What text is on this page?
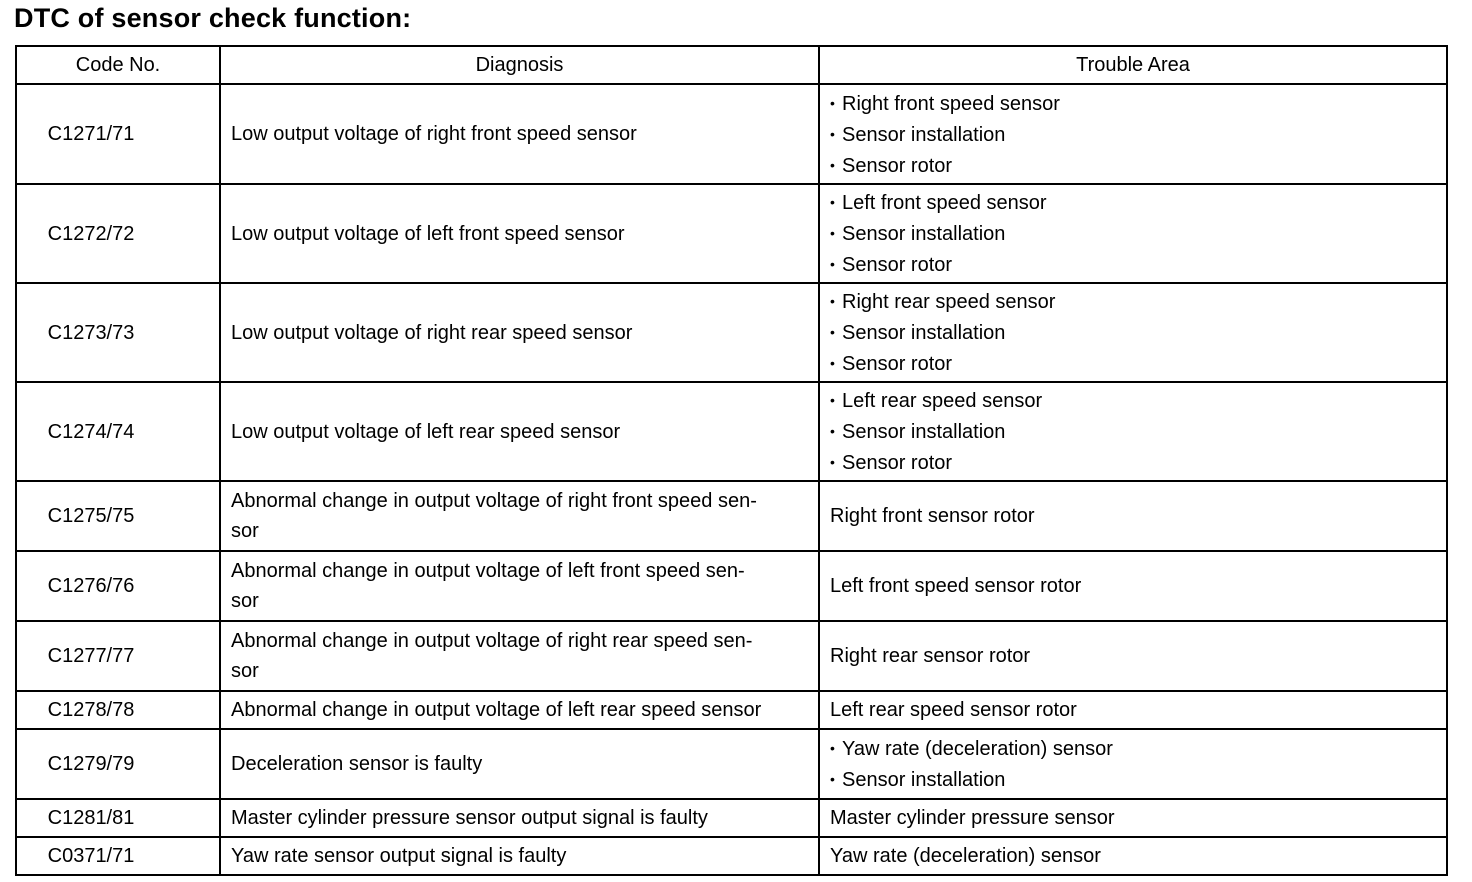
DTC of sensor check function:
Code No.	Diagnosis	Trouble Area
C1271/71	Low output voltage of right front speed sensor	• Right front speed sensor
• Sensor installation
• Sensor rotor

C1272/72	Low output voltage of left front speed sensor	• Left front speed sensor
• Sensor installation
• Sensor rotor

C1273/73	Low output voltage of right rear speed sensor	• Right rear speed sensor
• Sensor installation
• Sensor rotor

C1274/74	Low output voltage of left rear speed sensor	• Left rear speed sensor
• Sensor installation
• Sensor rotor

C1275/75	Abnormal change in output voltage of right front speed sen-
sor	Right front sensor rotor
C1276/76	Abnormal change in output voltage of left front speed sen-
sor	Left front speed sensor rotor
C1277/77	Abnormal change in output voltage of right rear speed sen-
sor	Right rear sensor rotor
C1278/78	Abnormal change in output voltage of left rear speed sensor	Left rear speed sensor rotor
C1279/79	Deceleration sensor is faulty	• Yaw rate (deceleration) sensor
• Sensor installation

C1281/81	Master cylinder pressure sensor output signal is faulty	Master cylinder pressure sensor
C0371/71	Yaw rate sensor output signal is faulty	Yaw rate (deceleration) sensor
